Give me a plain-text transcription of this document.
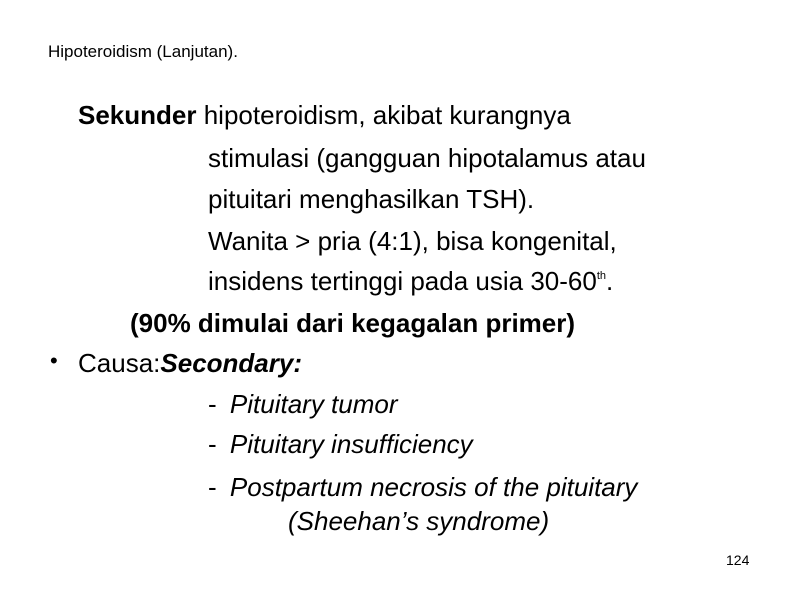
Hipoteroidism (Lanjutan).
Sekunder hipoteroidism, akibat kurangnya
stimulasi (gangguan hipotalamus atau
pituitari menghasilkan TSH).
Wanita > pria (4:1), bisa kongenital,
insidens tertinggi pada usia 30-60th.
(90% dimulai dari kegagalan primer)
• Causa:Secondary:
- Pituitary tumor
- Pituitary insufficiency
- Postpartum necrosis of the pituitary
(Sheehan’s syndrome)
124
